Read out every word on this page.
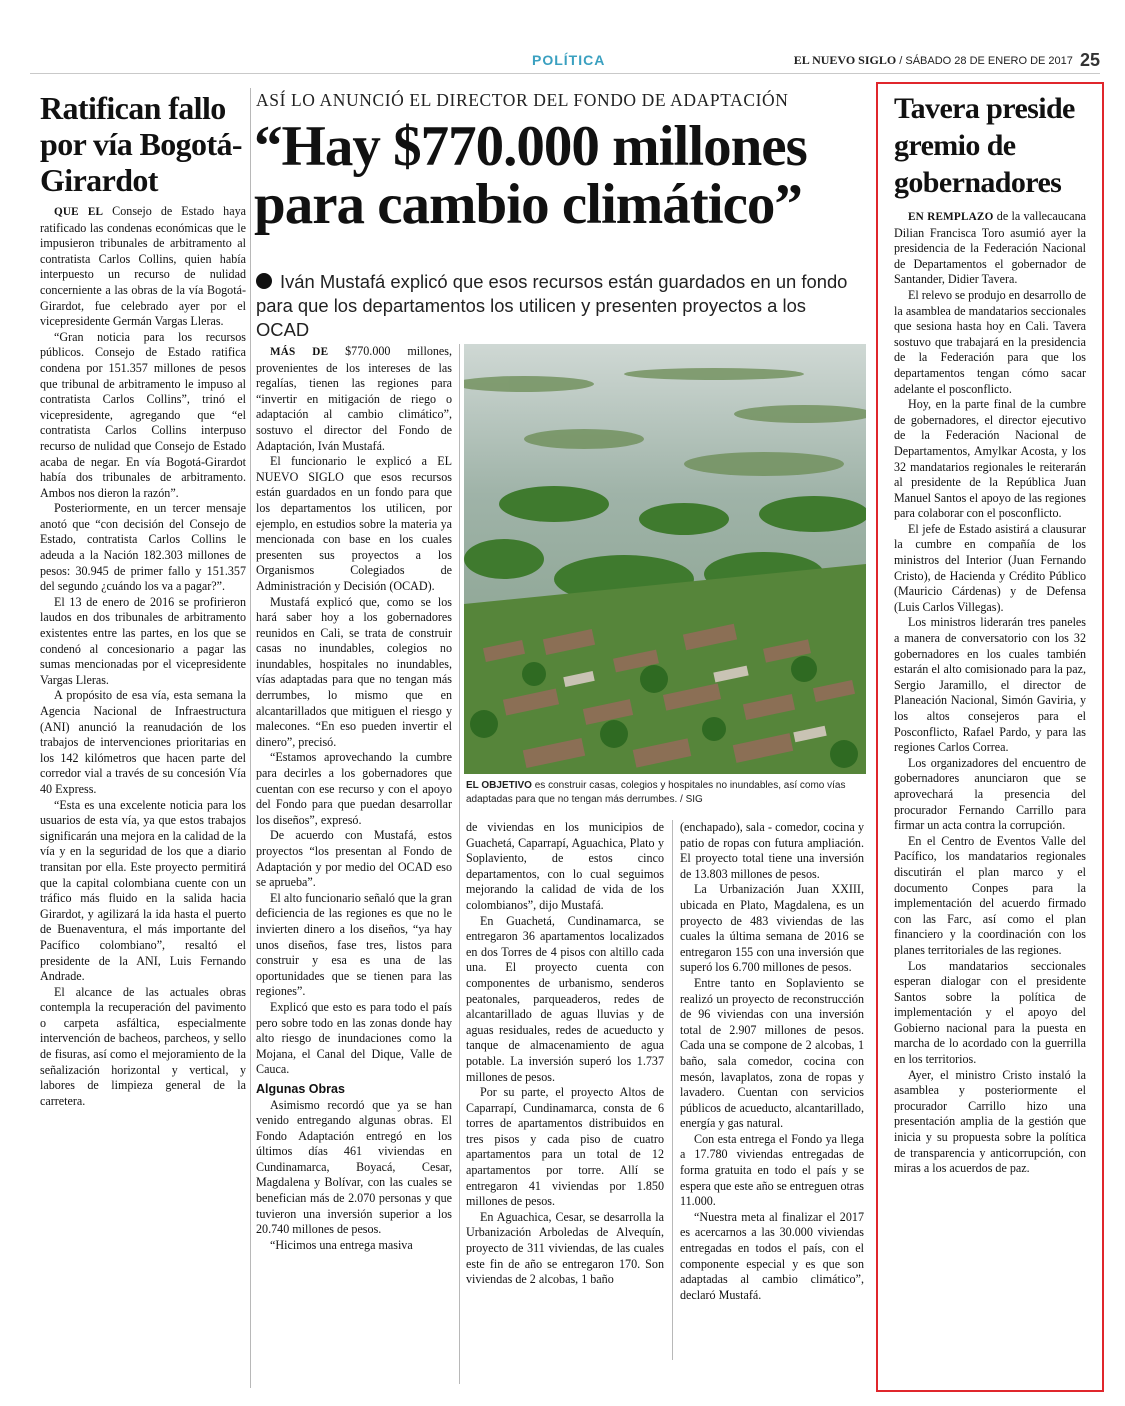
POLÍTICA	EL NUEVO SIGLO / SÁBADO 28 DE ENERO DE 2017 25
Ratifican fallo por vía Bogotá-Girardot

QUE EL Consejo de Estado haya ratificado las condenas económicas que le impusieron tribunales de arbitramento al contratista Carlos Collins, quien había interpuesto un recurso de nulidad concerniente a las obras de la vía Bogotá-Girardot, fue celebrado ayer por el vicepresidente Germán Vargas Lleras.

“Gran noticia para los recursos públicos. Consejo de Estado ratifica condena por 151.357 millones de pesos que tribunal de arbitramento le impuso al contratista Carlos Collins”, trinó el vicepresidente, agregando que “el contratista Carlos Collins interpuso recurso de nulidad que Consejo de Estado acaba de negar. En vía Bogotá-Girardot había dos tribunales de arbitramento. Ambos nos dieron la razón”.

Posteriormente, en un tercer mensaje anotó que “con decisión del Consejo de Estado, contratista Carlos Collins le adeuda a la Nación 182.303 millones de pesos: 30.945 de primer fallo y 151.357 del segundo ¿cuándo los va a pagar?”.

El 13 de enero de 2016 se profirieron laudos en dos tribunales de arbitramento existentes entre las partes, en los que se condenó al concesionario a pagar las sumas mencionadas por el vicepresidente Vargas Lleras.

A propósito de esa vía, esta semana la Agencia Nacional de Infraestructura (ANI) anunció la reanudación de los trabajos de intervenciones prioritarias en los 142 kilómetros que hacen parte del corredor vial a través de su concesión Vía 40 Express.

“Esta es una excelente noticia para los usuarios de esta vía, ya que estos trabajos significarán una mejora en la calidad de la vía y en la seguridad de los que a diario transitan por ella. Este proyecto permitirá que la capital colombiana cuente con un tráfico más fluido en la salida hacia Girardot, y agilizará la ida hasta el puerto de Buenaventura, el más importante del Pacífico colombiano”, resaltó el presidente de la ANI, Luis Fernando Andrade.

El alcance de las actuales obras contempla la recuperación del pavimento o carpeta asfáltica, especialmente intervención de bacheos, parcheos, y sello de fisuras, así como el mejoramiento de la señalización horizontal y vertical, y labores de limpieza general de la carretera.

ASÍ LO ANUNCIÓ EL DIRECTOR DEL FONDO DE ADAPTACIÓN
“Hay $770.000 millones para cambio climático”
Iván Mustafá explicó que esos recursos están guardados en un fondo para que los departamentos los utilicen y presenten proyectos a los OCAD

MÁS DE $770.000 millones, provenientes de los intereses de las regalías, tienen las regiones para “invertir en mitigación de riego o adaptación al cambio climático”, sostuvo el director del Fondo de Adaptación, Iván Mustafá.

El funcionario le explicó a EL NUEVO SIGLO que esos recursos están guardados en un fondo para que los departamentos los utilicen, por ejemplo, en estudios sobre la materia ya mencionada con base en los cuales presenten sus proyectos a los Organismos Colegiados de Administración y Decisión (OCAD).

Mustafá explicó que, como se los hará saber hoy a los gobernadores reunidos en Cali, se trata de construir casas no inundables, colegios no inundables, hospitales no inundables, vías adaptadas para que no tengan más derrumbes, lo mismo que en alcantarillados que mitiguen el riesgo y malecones. “En eso pueden invertir el dinero”, precisó.

“Estamos aprovechando la cumbre para decirles a los gobernadores que cuentan con ese recurso y con el apoyo del Fondo para que puedan desarrollar los diseños”, expresó.

De acuerdo con Mustafá, estos proyectos “los presentan al Fondo de Adaptación y por medio del OCAD eso se aprueba”.

El alto funcionario señaló que la gran deficiencia de las regiones es que no le invierten dinero a los diseños, “ya hay unos diseños, fase tres, listos para construir y esa es una de las oportunidades que se tienen para las regiones”.

Explicó que esto es para todo el país pero sobre todo en las zonas donde hay alto riesgo de inundaciones como la Mojana, el Canal del Dique, Valle de Cauca.

Algunas Obras

Asimismo recordó que ya se han venido entregando algunas obras. El Fondo Adaptación entregó en los últimos días 461 viviendas en Cundinamarca, Boyacá, Cesar, Magdalena y Bolívar, con las cuales se benefician más de 2.070 personas y que tuvieron una inversión superior a los 20.740 millones de pesos.

“Hicimos una entrega masiva

EL OBJETIVO es construir casas, colegios y hospitales no inundables, así como vías adaptadas para que no tengan más derrumbes. / SIG

de viviendas en los municipios de Guachetá, Caparrapí, Aguachica, Plato y Soplaviento, de estos cinco departamentos, con lo cual seguimos mejorando la calidad de vida de los colombianos”, dijo Mustafá.

En Guachetá, Cundinamarca, se entregaron 36 apartamentos localizados en dos Torres de 4 pisos con altillo cada una. El proyecto cuenta con componentes de urbanismo, senderos peatonales, parqueaderos, redes de alcantarillado de aguas lluvias y de aguas residuales, redes de acueducto y tanque de almacenamiento de agua potable. La inversión superó los 1.737 millones de pesos.

Por su parte, el proyecto Altos de Caparrapí, Cundinamarca, consta de 6 torres de apartamentos distribuidos en tres pisos y cada piso de cuatro apartamentos para un total de 12 apartamentos por torre. Allí se entregaron 41 viviendas por 1.850 millones de pesos.

En Aguachica, Cesar, se desarrolla la Urbanización Arboledas de Alvequín, proyecto de 311 viviendas, de las cuales este fin de año se entregaron 170. Son viviendas de 2 alcobas, 1 baño

(enchapado), sala - comedor, cocina y patio de ropas con futura ampliación. El proyecto total tiene una inversión de 13.803 millones de pesos.

La Urbanización Juan XXIII, ubicada en Plato, Magdalena, es un proyecto de 483 viviendas de las cuales la última semana de 2016 se entregaron 155 con una inversión que superó los 6.700 millones de pesos.

Entre tanto en Soplaviento se realizó un proyecto de reconstrucción de 96 viviendas con una inversión total de 2.907 millones de pesos. Cada una se compone de 2 alcobas, 1 baño, sala comedor, cocina con mesón, lavaplatos, zona de ropas y lavadero. Cuentan con servicios públicos de acueducto, alcantarillado, energía y gas natural.

Con esta entrega el Fondo ya llega a 17.780 viviendas entregadas de forma gratuita en todo el país y se espera que este año se entreguen otras 11.000.

“Nuestra meta al finalizar el 2017 es acercarnos a las 30.000 viviendas entregadas en todos el país, con el componente especial y es que son adaptadas al cambio climático”, declaró Mustafá.

Tavera preside gremio de gobernadores

EN REMPLAZO de la vallecaucana Dilian Francisca Toro asumió ayer la presidencia de la Federación Nacional de Departamentos el gobernador de Santander, Didier Tavera.

El relevo se produjo en desarrollo de la asamblea de mandatarios seccionales que sesiona hasta hoy en Cali. Tavera sostuvo que trabajará en la presidencia de la Federación para que los departamentos tengan cómo sacar adelante el posconflicto.

Hoy, en la parte final de la cumbre de gobernadores, el director ejecutivo de la Federación Nacional de Departamentos, Amylkar Acosta, y los 32 mandatarios regionales le reiterarán al presidente de la República Juan Manuel Santos el apoyo de las regiones para colaborar con el posconflicto.

El jefe de Estado asistirá a clausurar la cumbre en compañía de los ministros del Interior (Juan Fernando Cristo), de Hacienda y Crédito Público (Mauricio Cárdenas) y de Defensa (Luis Carlos Villegas).

Los ministros liderarán tres paneles a manera de conversatorio con los 32 gobernadores en los cuales también estarán el alto comisionado para la paz, Sergio Jaramillo, el director de Planeación Nacional, Simón Gaviria, y los altos consejeros para el Posconflicto, Rafael Pardo, y para las regiones Carlos Correa.

Los organizadores del encuentro de gobernadores anunciaron que se aprovechará la presencia del procurador Fernando Carrillo para firmar un acta contra la corrupción.

En el Centro de Eventos Valle del Pacífico, los mandatarios regionales discutirán el plan marco y el documento Conpes para la implementación del acuerdo firmado con las Farc, así como el plan financiero y la coordinación con los planes territoriales de las regiones.

Los mandatarios seccionales esperan dialogar con el presidente Santos sobre la política de implementación y el apoyo del Gobierno nacional para la puesta en marcha de lo acordado con la guerrilla en los territorios.

Ayer, el ministro Cristo instaló la asamblea y posteriormente el procurador Carrillo hizo una presentación amplia de la gestión que inicia y su propuesta sobre la política de transparencia y anticorrupción, con miras a los acuerdos de paz.
